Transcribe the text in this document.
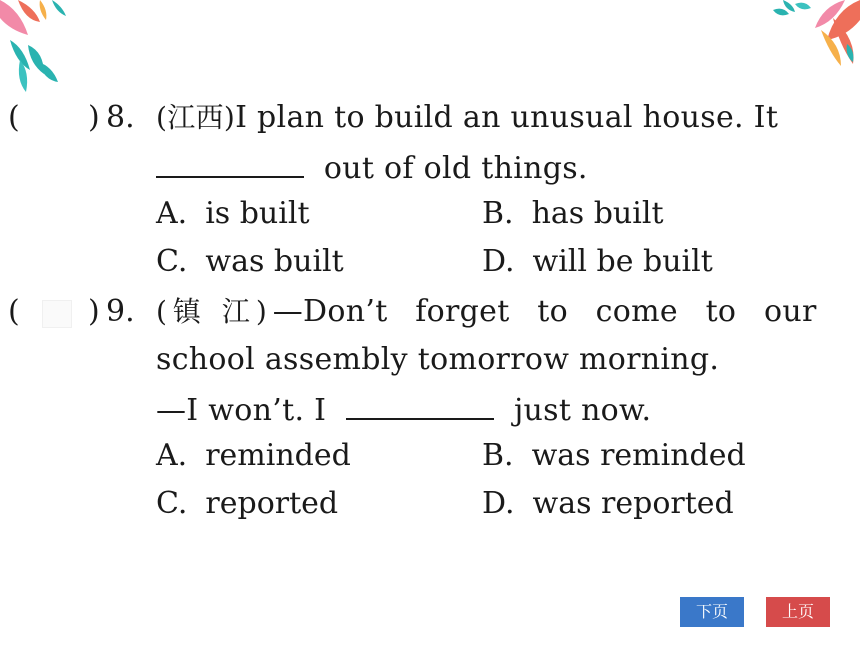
( ) 8. (江西)I plan to build an unusual house. It
out of old things.
A. is built	B. has built
C. was built	D. will be built
( ) 9. (镇 江)—Don’t  forget  to  come  to  our
school assembly tomorrow morning.
—I won’t. I	just now.
A. reminded	B. was reminded
C. reported	D. was reported
下页	上页
